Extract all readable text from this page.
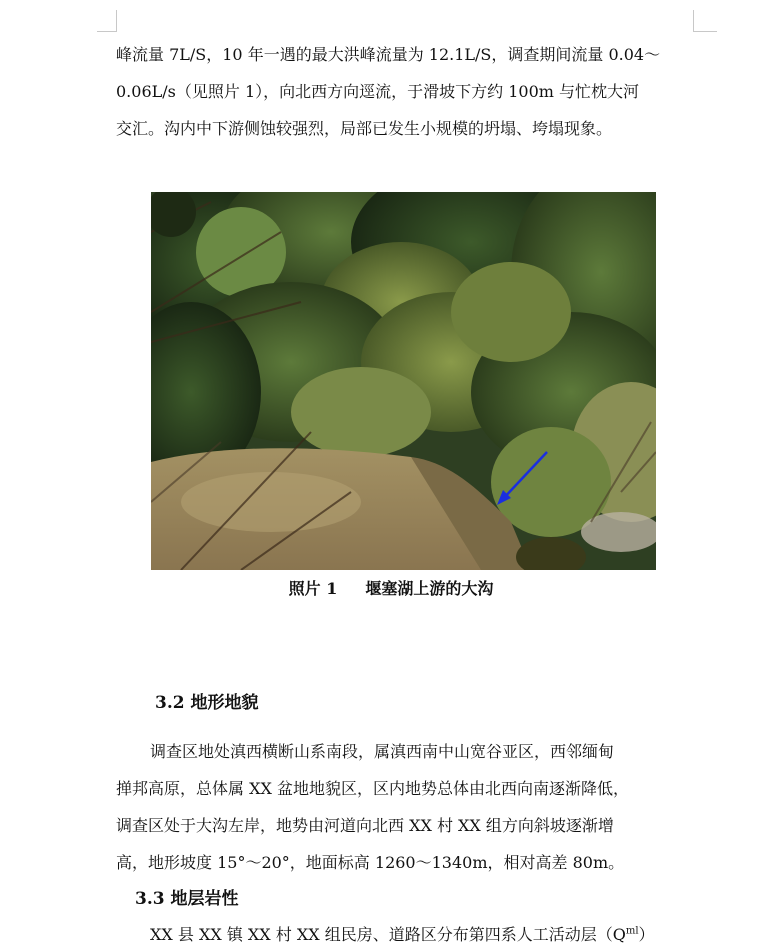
峰流量 7L/S，10 年一遇的最大洪峰流量为 12.1L/S，调查期间流量 0.04～
0.06L/s（见照片 1），向北西方向逕流，于滑坡下方约 100m 与忙枕大河
交汇。沟内中下游侧蚀较强烈，局部已发生小规模的坍塌、垮塌现象。
照片 1 堰塞湖上游的大沟
3.2 地形地貌
调查区地处滇西横断山系南段，属滇西南中山宽谷亚区，西邻缅甸
掸邦高原，总体属 XX 盆地地貌区，区内地势总体由北西向南逐渐降低，
调查区处于大沟左岸，地势由河道向北西 XX 村 XX 组方向斜坡逐渐增
高，地形坡度 15°～20°，地面标高 1260～1340m，相对高差 80m。
3.3 地层岩性
XX 县 XX 镇 XX 村 XX 组民房、道路区分布第四系人工活动层$(Q^{ml})$
